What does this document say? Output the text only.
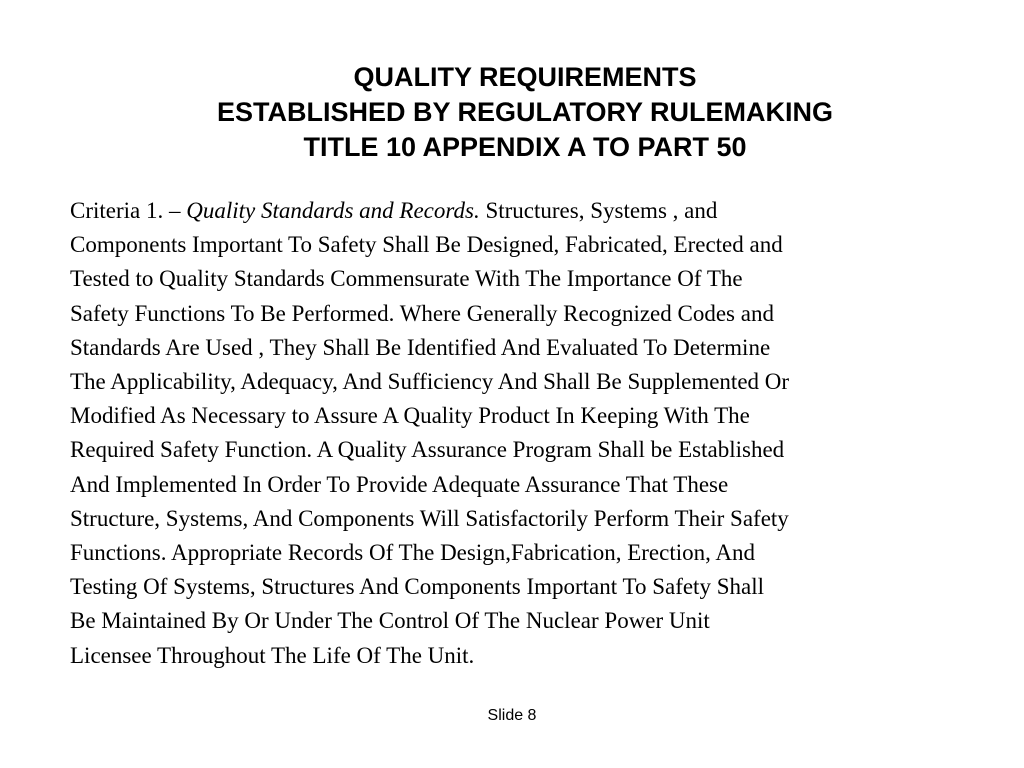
QUALITY REQUIREMENTS
ESTABLISHED BY REGULATORY RULEMAKING
TITLE 10 APPENDIX A TO PART 50
Criteria 1. – Quality Standards and Records. Structures, Systems , and
Components Important To Safety Shall Be Designed, Fabricated, Erected and
Tested to Quality Standards Commensurate With The Importance Of The
Safety Functions To Be Performed. Where Generally Recognized Codes and
Standards Are Used , They Shall Be Identified And Evaluated To Determine
The Applicability, Adequacy, And Sufficiency And Shall Be Supplemented Or
Modified As Necessary to Assure A Quality Product In Keeping With The
Required Safety Function. A Quality Assurance Program Shall be Established
And Implemented In Order To Provide Adequate Assurance That These
Structure, Systems, And Components Will Satisfactorily Perform Their Safety
Functions. Appropriate Records Of The Design,Fabrication, Erection, And
Testing Of Systems, Structures And Components Important To Safety Shall
Be Maintained By Or Under The Control Of The Nuclear Power Unit
Licensee Throughout The Life Of The Unit.
Slide 8
